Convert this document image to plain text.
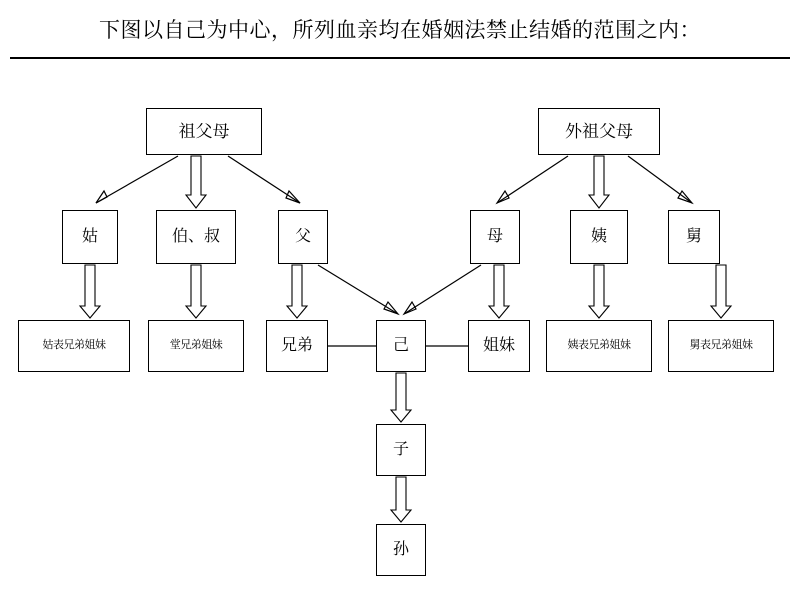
下图以自己为中心，所列血亲均在婚姻法禁止结婚的范围之内：
祖父母	外祖父母
姑	伯、叔	父	母	姨	舅
姑表兄弟姐妹	堂兄弟姐妹	兄弟	己	姐妹	姨表兄弟姐妹	舅表兄弟姐妹
子
孙
